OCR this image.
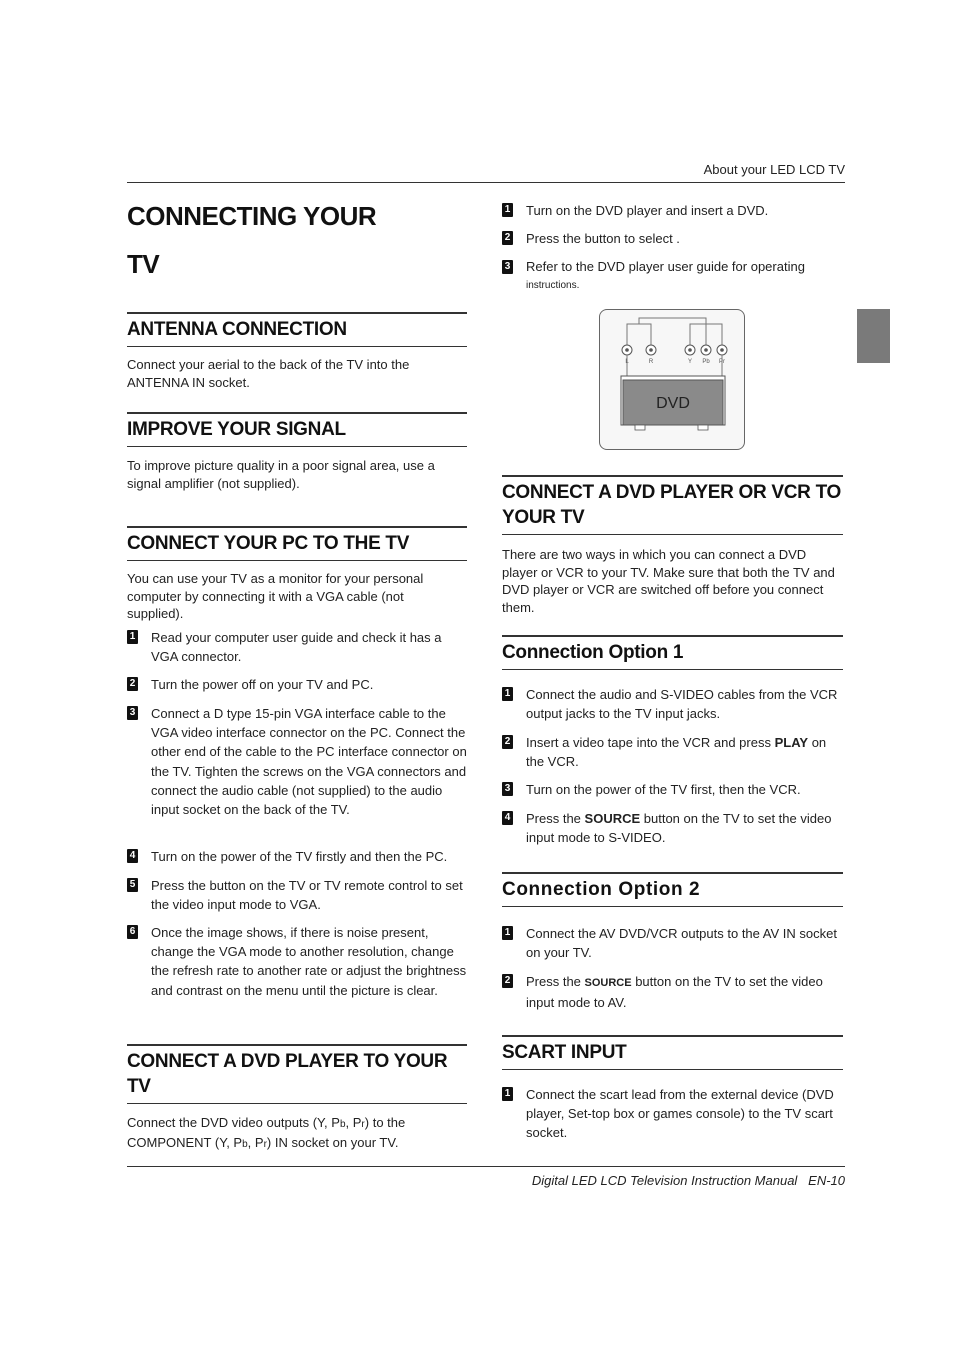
About your LED LCD TV

CONNECTING YOUR

TV

ANTENNA CONNECTION
Connect your aerial to the back of the TV into the ANTENNA IN socket.
IMPROVE YOUR SIGNAL
To improve picture quality in a poor signal area, use a signal amplifier (not supplied).
CONNECT YOUR PC TO THE TV
You can use your TV as a monitor for your personal computer by connecting it with a VGA cable (not supplied).
1 Read your computer user guide and check it has a VGA connector.
2 Turn the power off on your TV and PC.
3 Connect a D type 15-pin VGA interface cable to the VGA video interface connector on the PC. Connect the other end of the cable to the PC interface connector on the TV. Tighten the screws on the VGA connectors and connect the audio cable (not supplied) to the audio input socket on the back of the TV.
4 Turn on the power of the TV firstly and then the PC.
5 Press the button on the TV or TV remote control to set the video input mode to VGA.
6 Once the image shows, if there is noise present, change the VGA mode to another resolution, change the refresh rate to another rate or adjust the brightness and contrast on the menu until the picture is clear.
CONNECT A DVD PLAYER TO YOUR TV
Connect the DVD video outputs (Y, Pb, Pr) to the COMPONENT (Y, Pb, Pr) IN socket on your TV.
1 Turn on the DVD player and insert a DVD.
2 Press the button to select .
3 Refer to the DVD player user guide for operating
instructions.
L	R	Y Pb Pr
DVD
CONNECT A DVD PLAYER OR VCR TO YOUR TV
There are two ways in which you can connect a DVD player or VCR to your TV. Make sure that both the TV and DVD player or VCR are switched off before you connect them.
Connection Option 1
1 Connect the audio and S-VIDEO cables from the VCR output jacks to the TV input jacks.
2 Insert a video tape into the VCR and press PLAY on the VCR.
3 Turn on the power of the TV first, then the VCR.
4 Press the SOURCE button on the TV to set the video input mode to S-VIDEO.
Connection Option 2
1 Connect the AV DVD/VCR outputs to the AV IN socket on your TV.
2 Press the SOURCE button on the TV to set the video input mode to AV.
SCART INPUT
1 Connect the scart lead from the external device (DVD player, Set-top box or games console) to the TV scart socket.
Digital LED LCD Television Instruction Manual   EN-10
